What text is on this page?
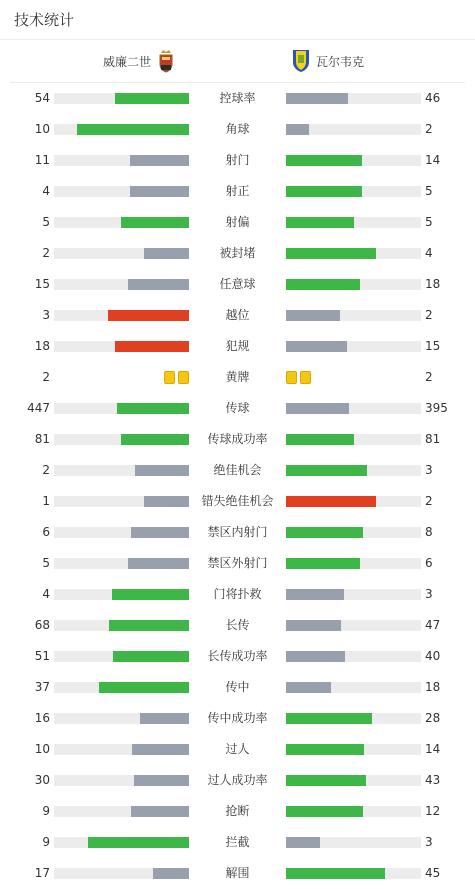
技术统计
威廉二世	瓦尔韦克
54	控球率	46
10	角球	2
11	射门	14
4	射正	5
5	射偏	5
2	被封堵	4
15	任意球	18
3	越位	2
18	犯规	15
2	黄牌	2
447	传球	395
81	传球成功率	81
2	绝佳机会	3
1	错失绝佳机会	2
6	禁区内射门	8
5	禁区外射门	6
4	门将扑救	3
68	长传	47
51	长传成功率	40
37	传中	18
16	传中成功率	28
10	过人	14
30	过人成功率	43
9	抢断	12
9	拦截	3
17	解围	45
